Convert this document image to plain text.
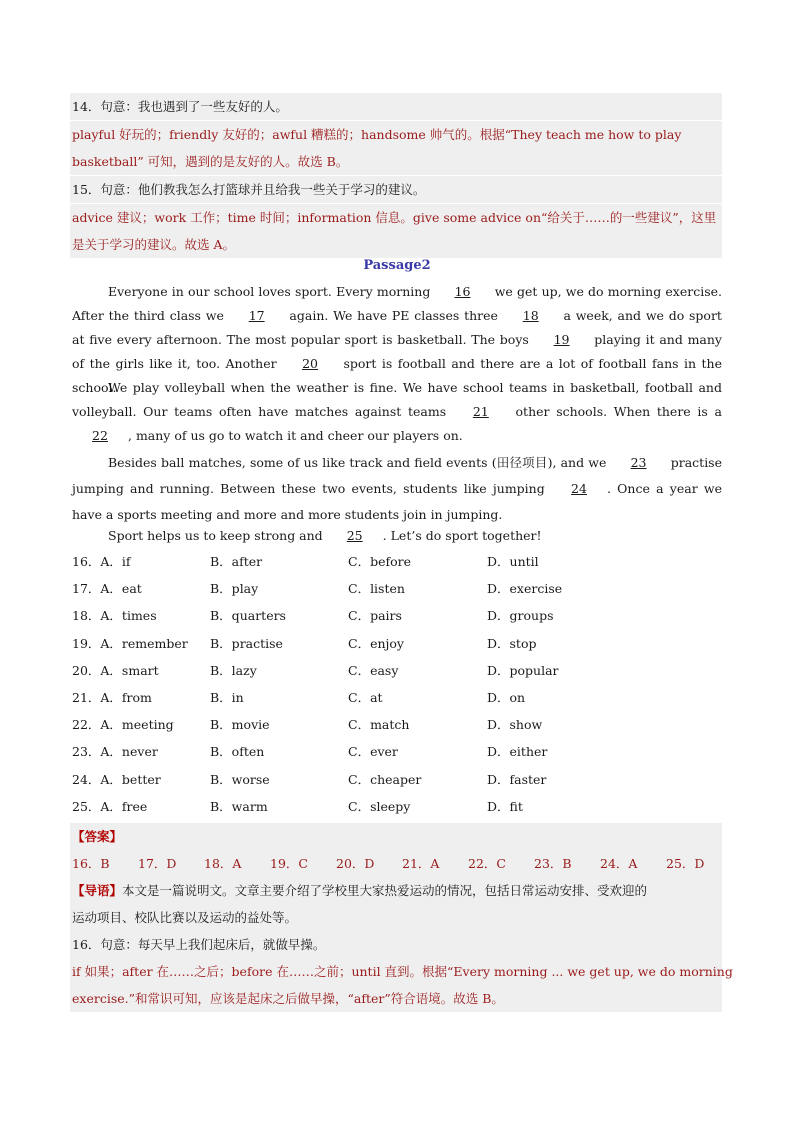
14．句意：我也遇到了一些友好的人。
playful 好玩的；friendly 友好的；awful 糟糕的；handsome 帅气的。根据“They teach me how to play
basketball” 可知，遇到的是友好的人。故选 B。
15．句意：他们教我怎么打篮球并且给我一些关于学习的建议。
advice 建议；work 工作；time 时间；information 信息。give some advice on“给关于……的一些建议”，这里
是关于学习的建议。故选 A。
Passage2
Everyone in our school loves sport. Every morning 16 we get up, we do morning exercise. After the third class we 17 again. We have PE classes three 18 a week, and we do sport at five every afternoon. The most popular sport is basketball. The boys 19 playing it and many of the girls like it, too. Another 20 sport is football and there are a lot of football fans in the school.
We play volleyball when the weather is fine. We have school teams in basketball, football and volleyball. Our teams often have matches against teams 21 other schools. When there is a 22 , many of us go to watch it and cheer our players on.
Besides ball matches, some of us like track and field events (田径项目), and we 23 practise jumping and running. Between these two events, students like jumping 24 . Once a year we have a sports meeting and more and more students join in jumping.
Sport helps us to keep strong and 25 . Let’s do sport together!
16．A．if	B．after	C．before	D．until
17．A．eat	B．play	C．listen	D．exercise
18．A．times	B．quarters	C．pairs	D．groups
19．A．remember	B．practise	C．enjoy	D．stop
20．A．smart	B．lazy	C．easy	D．popular
21．A．from	B．in	C．at	D．on
22．A．meeting	B．movie	C．match	D．show
23．A．never	B．often	C．ever	D．either
24．A．better	B．worse	C．cheaper	D．faster
25．A．free	B．warm	C．sleepy	D．fit
【答案】
16．B 17．D 18．A 19．C 20．D 21．A 22．C 23．B 24．A 25．D
【导语】本文是一篇说明文。文章主要介绍了学校里大家热爱运动的情况，包括日常运动安排、受欢迎的
运动项目、校队比赛以及运动的益处等。
16．句意：每天早上我们起床后，就做早操。
if 如果；after 在……之后；before 在……之前；until 直到。根据“Every morning ... we get up, we do morning
exercise.”和常识可知，应该是起床之后做早操，“after”符合语境。故选 B。
